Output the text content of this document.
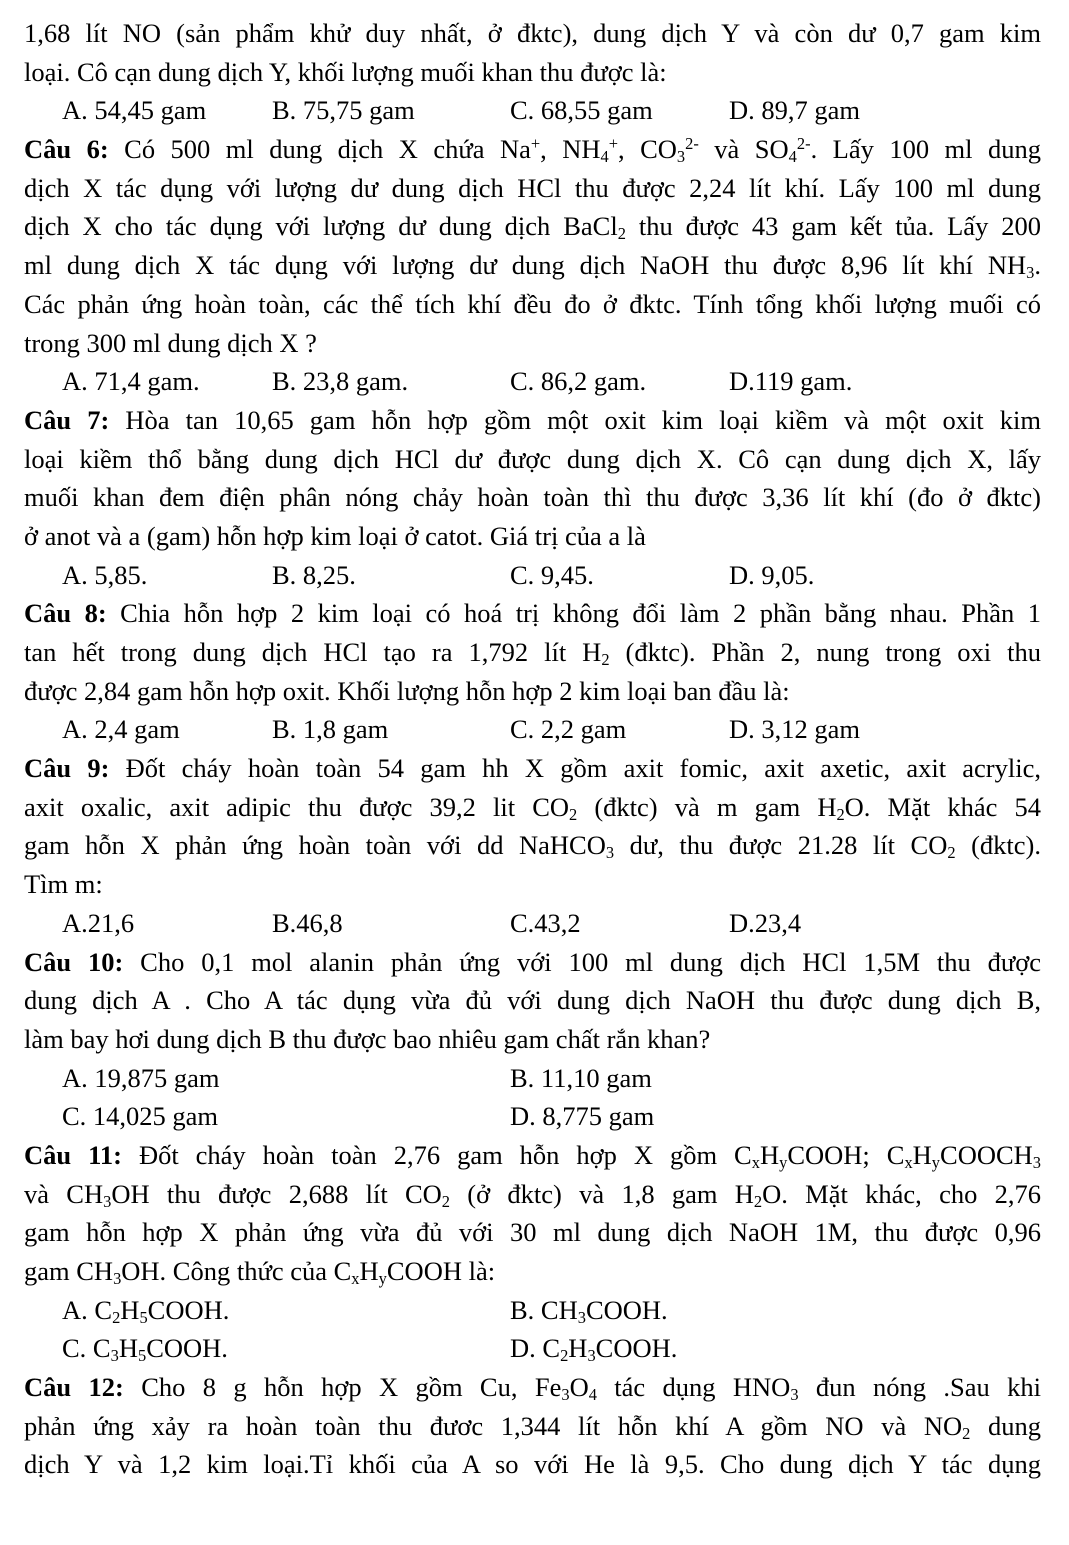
1,68 lít NO (sản phẩm khử duy nhất, ở đktc), dung dịch Y và còn dư 0,7 gam kim
loại. Cô cạn dung dịch Y, khối lượng muối khan thu được là:
A. 54,45 gam B. 75,75 gam	C. 68,55 gam	D. 89,7 gam
Câu 6: Có 500 ml dung dịch X chứa Na+, $NH_4^+$, $CO_3^{2-}$ và $SO_4^{2-}$. Lấy 100 ml dung
dịch X tác dụng với lượng dư dung dịch HCl thu được 2,24 lít khí. Lấy 100 ml dung
dịch X cho tác dụng với lượng dư dung dịch BaCl$_2$ thu được 43 gam kết tủa. Lấy 200
ml dung dịch X tác dụng với lượng dư dung dịch NaOH thu được 8,96 lít khí $NH_3$.
Các phản ứng hoàn toàn, các thể tích khí đều đo ở đktc. Tính tổng khối lượng muối có
trong 300 ml dung dịch X ?
A. 71,4 gam.	B. 23,8 gam.	C. 86,2 gam.	D.119 gam.
Câu 7: Hòa tan 10,65 gam hỗn hợp gồm một oxit kim loại kiềm và một oxit kim
loại kiềm thổ bằng dung dịch HCl dư được dung dịch X. Cô cạn dung dịch X, lấy
muối khan đem điện phân nóng chảy hoàn toàn thì thu được 3,36 lít khí (đo ở đktc)
ở anot và a (gam) hỗn hợp kim loại ở catot. Giá trị của a là
A. 5,85.	B. 8,25.	C. 9,45.	D. 9,05.
Câu 8: Chia hỗn hợp 2 kim loại có hoá trị không đổi làm 2 phần bằng nhau. Phần 1
tan hết trong dung dịch HCl tạo ra 1,792 lít $H_2$ (đktc). Phần 2, nung trong oxi thu
được 2,84 gam hỗn hợp oxit. Khối lượng hỗn hợp 2 kim loại ban đầu là:
A. 2,4 gam	B. 1,8 gam	C. 2,2 gam	D. 3,12 gam
Câu 9: Đốt cháy hoàn toàn 54 gam hh X gồm axit fomic, axit axetic, axit acrylic,
axit oxalic, axit adipic thu được 39,2 lit $CO_2$ (đktc) và m gam $H_2O$. Mặt khác 54
gam hỗn X phản ứng hoàn toàn với dd NaHCO$_3$ dư, thu được 21.28 lít $CO_2$ (đktc).
Tìm m:
A.21,6	B.46,8	C.43,2	D.23,4
Câu 10: Cho 0,1 mol alanin phản ứng với 100 ml dung dịch HCl 1,5M thu được
dung dịch A . Cho A tác dụng vừa đủ với dung dịch NaOH thu được dung dịch B,
làm bay hơi dung dịch B thu được bao nhiêu gam chất rắn khan?
A. 19,875 gam	B. 11,10 gam
C. 14,025 gam	D. 8,775 gam
Câu 11: Đốt cháy hoàn toàn 2,76 gam hỗn hợp X gồm $C_xH_yCOOH$; $C_xH_yCOOCH_3$
và $CH_3OH$ thu được 2,688 lít $CO_2$ (ở đktc) và 1,8 gam $H_2O$. Mặt khác, cho 2,76
gam hỗn hợp X phản ứng vừa đủ với 30 ml dung dịch NaOH 1M, thu được 0,96
gam $CH_3OH$. Công thức của $C_xH_yCOOH$ là:
A. $C_2H_5COOH$.	B. $CH_3COOH$.
C. $C_3H_5COOH$.	D. $C_2H_3COOH$.
Câu 12: Cho 8 g hỗn hợp X gồm Cu, $Fe_3O_4$ tác dụng $HNO_3$ đun nóng .Sau khi
phản ứng xảy ra hoàn toàn thu đươc 1,344 lít hỗn khí A gồm NO và $NO_2$ dung
dịch Y và 1,2 kim loại.Tỉ khối của A so với He là 9,5. Cho dung dịch Y tác dụng
